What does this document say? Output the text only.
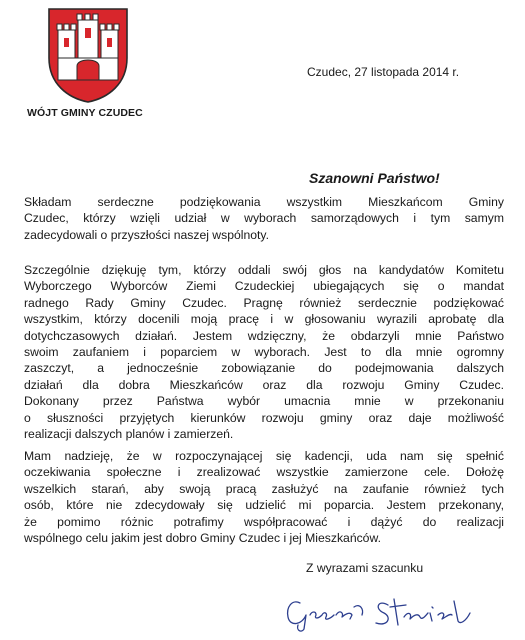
WÓJT GMINY CZUDEC
Czudec, 27 listopada 2014 r.
Szanowni Państwo!
Składam serdeczne podziękowania wszystkim Mieszkańcom Gminy
Czudec, którzy wzięli udział w wyborach samorządowych i tym samym
zadecydowali o przyszłości naszej wspólnoty.
Szczególnie dziękuję tym, którzy oddali swój głos na kandydatów Komitetu
Wyborczego Wyborców Ziemi Czudeckiej ubiegających się o mandat
radnego Rady Gminy Czudec. Pragnę również serdecznie podziękować
wszystkim, którzy docenili moją pracę i w głosowaniu wyrazili aprobatę dla
dotychczasowych działań. Jestem wdzięczny, że obdarzyli mnie Państwo
swoim zaufaniem i poparciem w wyborach. Jest to dla mnie ogromny
zaszczyt, a jednocześnie zobowiązanie do podejmowania dalszych
działań dla dobra Mieszkańców oraz dla rozwoju Gminy Czudec.
Dokonany przez Państwa wybór umacnia mnie w przekonaniu
o słuszności przyjętych kierunków rozwoju gminy oraz daje możliwość
realizacji dalszych planów i zamierzeń.
Mam nadzieję, że w rozpoczynającej się kadencji, uda nam się spełnić
oczekiwania społeczne i zrealizować wszystkie zamierzone cele. Dołożę
wszelkich starań, aby swoją pracą zasłużyć na zaufanie również tych
osób, które nie zdecydowały się udzielić mi poparcia. Jestem przekonany,
że pomimo różnic potrafimy współpracować i dążyć do realizacji
wspólnego celu jakim jest dobro Gminy Czudec i jej Mieszkańców.
Z wyrazami szacunku
